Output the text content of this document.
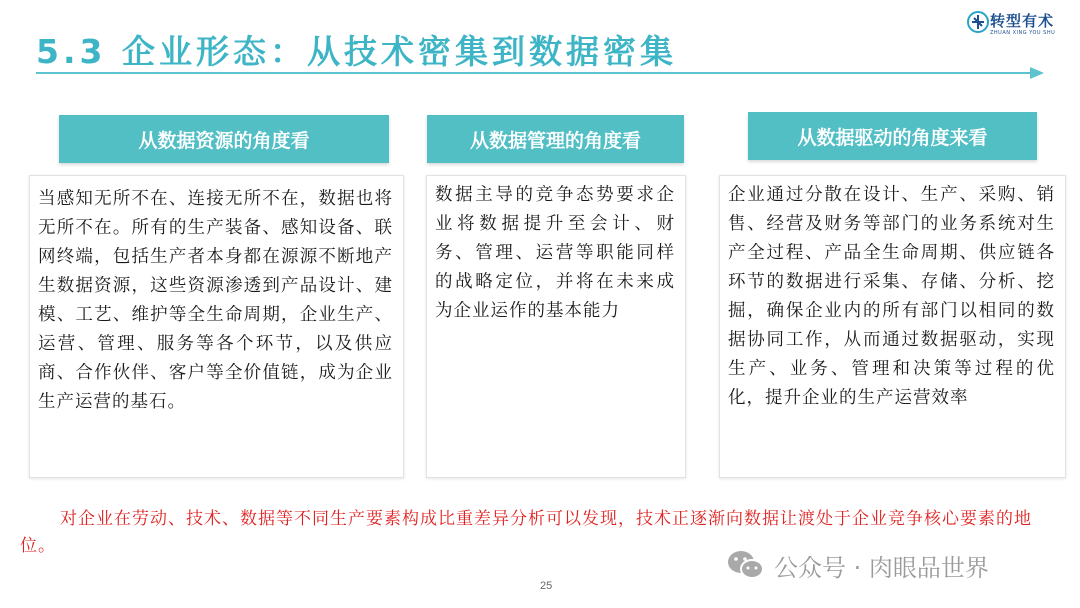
5.3 企业形态：从技术密集到数据密集
转型有术
ZHUAN XING YOU SHU
从数据资源的角度看	从数据管理的角度看	从数据驱动的角度来看
当感知无所不在、连接无所不在，数据也将无所不在。所有的生产装备、感知设备、联网终端，包括生产者本身都在源源不断地产生数据资源，这些资源渗透到产品设计、建模、工艺、维护等全生命周期，企业生产、运营、管理、服务等各个环节，以及供应商、合作伙伴、客户等全价值链，成为企业生产运营的基石。
数据主导的竞争态势要求企业将数据提升至会计、财务、管理、运营等职能同样的战略定位，并将在未来成为企业运作的基本能力
企业通过分散在设计、生产、采购、销售、经营及财务等部门的业务系统对生产全过程、产品全生命周期、供应链各环节的数据进行采集、存储、分析、挖掘，确保企业内的所有部门以相同的数据协同工作，从而通过数据驱动，实现生产、业务、管理和决策等过程的优化，提升企业的生产运营效率
对企业在劳动、技术、数据等不同生产要素构成比重差异分析可以发现，技术正逐渐向数据让渡处于企业竞争核心要素的地位。
25
公众号 · 肉眼品世界
